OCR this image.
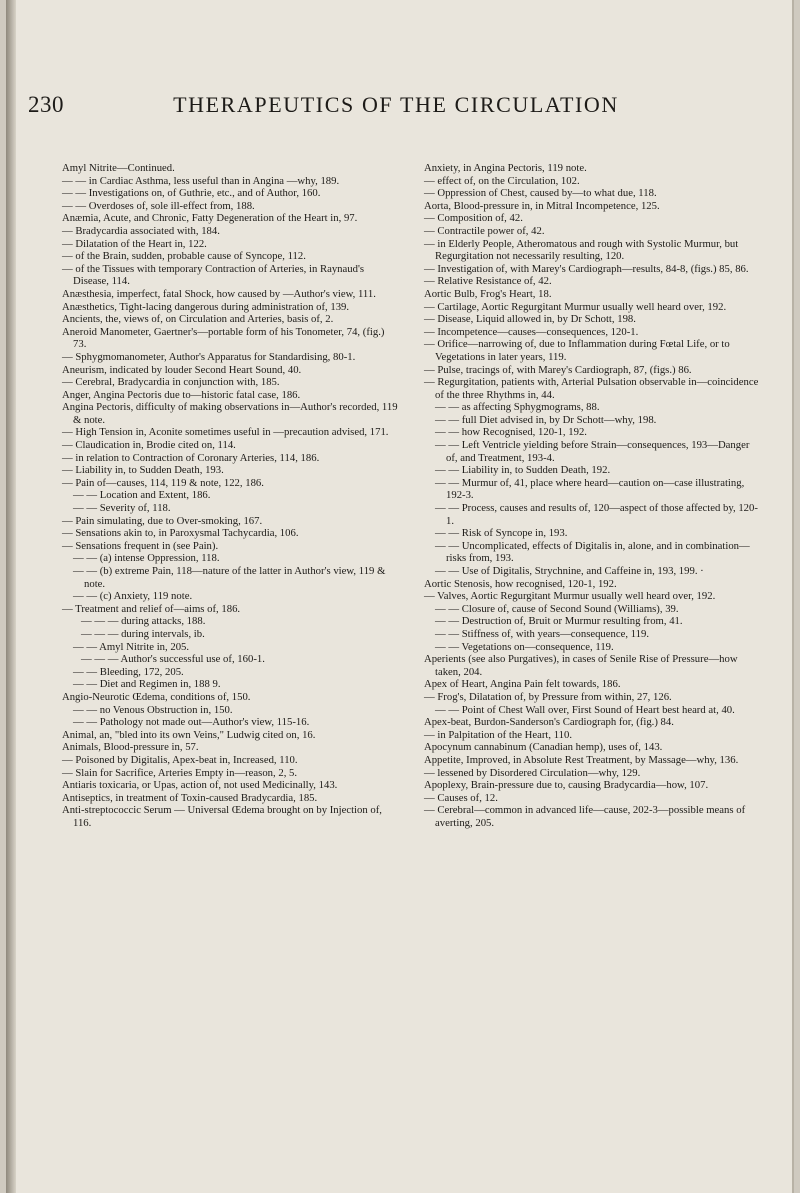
230	THERAPEUTICS OF THE CIRCULATION

Amyl Nitrite—Continued.

— — in Cardiac Asthma, less useful than in Angina —why, 189.

— — Investigations on, of Guthrie, etc., and of Author, 160.

— — Overdoses of, sole ill-effect from, 188.

Anæmia, Acute, and Chronic, Fatty Degeneration of the Heart in, 97.

— Bradycardia associated with, 184.

— Dilatation of the Heart in, 122.

— of the Brain, sudden, probable cause of Syncope, 112.

— of the Tissues with temporary Contraction of Arteries, in Raynaud's Disease, 114.

Anæsthesia, imperfect, fatal Shock, how caused by —Author's view, 111.

Anæsthetics, Tight-lacing dangerous during administration of, 139.

Ancients, the, views of, on Circulation and Arteries, basis of, 2.

Aneroid Manometer, Gaertner's—portable form of his Tonometer, 74, (fig.) 73.

— Sphygmomanometer, Author's Apparatus for Standardising, 80-1.

Aneurism, indicated by louder Second Heart Sound, 40.

— Cerebral, Bradycardia in conjunction with, 185.

Anger, Angina Pectoris due to—historic fatal case, 186.

Angina Pectoris, difficulty of making observations in—Author's recorded, 119 & note.

— High Tension in, Aconite sometimes useful in —precaution advised, 171.

— Claudication in, Brodie cited on, 114.

— in relation to Contraction of Coronary Arteries, 114, 186.

— Liability in, to Sudden Death, 193.

— Pain of—causes, 114, 119 & note, 122, 186.

— — Location and Extent, 186.

— — Severity of, 118.

— Pain simulating, due to Over-smoking, 167.

— Sensations akin to, in Paroxysmal Tachycardia, 106.

— Sensations frequent in (see Pain).

— — (a) intense Oppression, 118.

— — (b) extreme Pain, 118—nature of the latter in Author's view, 119 & note.

— — (c) Anxiety, 119 note.

— Treatment and relief of—aims of, 186.

— — — during attacks, 188.

— — — during intervals, ib.

— — Amyl Nitrite in, 205.

— — — Author's successful use of, 160-1.

— — Bleeding, 172, 205.

— — Diet and Regimen in, 188 9.

Angio-Neurotic Œdema, conditions of, 150.

— — no Venous Obstruction in, 150.

— — Pathology not made out—Author's view, 115-16.

Animal, an, "bled into its own Veins," Ludwig cited on, 16.

Animals, Blood-pressure in, 57.

— Poisoned by Digitalis, Apex-beat in, Increased, 110.

— Slain for Sacrifice, Arteries Empty in—reason, 2, 5.

Antiaris toxicaria, or Upas, action of, not used Medicinally, 143.

Antiseptics, in treatment of Toxin-caused Bradycardia, 185.

Anti-streptococcic Serum — Universal Œdema brought on by Injection of, 116.

Anxiety, in Angina Pectoris, 119 note.

— effect of, on the Circulation, 102.

— Oppression of Chest, caused by—to what due, 118.

Aorta, Blood-pressure in, in Mitral Incompetence, 125.

— Composition of, 42.

— Contractile power of, 42.

— in Elderly People, Atheromatous and rough with Systolic Murmur, but Regurgitation not necessarily resulting, 120.

— Investigation of, with Marey's Cardiograph—results, 84-8, (figs.) 85, 86.

— Relative Resistance of, 42.

Aortic Bulb, Frog's Heart, 18.

— Cartilage, Aortic Regurgitant Murmur usually well heard over, 192.

— Disease, Liquid allowed in, by Dr Schott, 198.

— Incompetence—causes—consequences, 120-1.

— Orifice—narrowing of, due to Inflammation during Fœtal Life, or to Vegetations in later years, 119.

— Pulse, tracings of, with Marey's Cardiograph, 87, (figs.) 86.

— Regurgitation, patients with, Arterial Pulsation observable in—coincidence of the three Rhythms in, 44.

— — as affecting Sphygmograms, 88.

— — full Diet advised in, by Dr Schott—why, 198.

— — how Recognised, 120-1, 192.

— — Left Ventricle yielding before Strain—consequences, 193—Danger of, and Treatment, 193-4.

— — Liability in, to Sudden Death, 192.

— — Murmur of, 41, place where heard—caution on—case illustrating, 192-3.

— — Process, causes and results of, 120—aspect of those affected by, 120-1.

— — Risk of Syncope in, 193.

— — Uncomplicated, effects of Digitalis in, alone, and in combination—risks from, 193.

— — Use of Digitalis, Strychnine, and Caffeine in, 193, 199. ·

Aortic Stenosis, how recognised, 120-1, 192.

— Valves, Aortic Regurgitant Murmur usually well heard over, 192.

— — Closure of, cause of Second Sound (Williams), 39.

— — Destruction of, Bruit or Murmur resulting from, 41.

— — Stiffness of, with years—consequence, 119.

— — Vegetations on—consequence, 119.

Aperients (see also Purgatives), in cases of Senile Rise of Pressure—how taken, 204.

Apex of Heart, Angina Pain felt towards, 186.

— Frog's, Dilatation of, by Pressure from within, 27, 126.

— — Point of Chest Wall over, First Sound of Heart best heard at, 40.

Apex-beat, Burdon-Sanderson's Cardiograph for, (fig.) 84.

— in Palpitation of the Heart, 110.

Apocynum cannabinum (Canadian hemp), uses of, 143.

Appetite, Improved, in Absolute Rest Treatment, by Massage—why, 136.

— lessened by Disordered Circulation—why, 129.

Apoplexy, Brain-pressure due to, causing Bradycardia—how, 107.

— Causes of, 12.

— Cerebral—common in advanced life—cause, 202-3—possible means of averting, 205.
